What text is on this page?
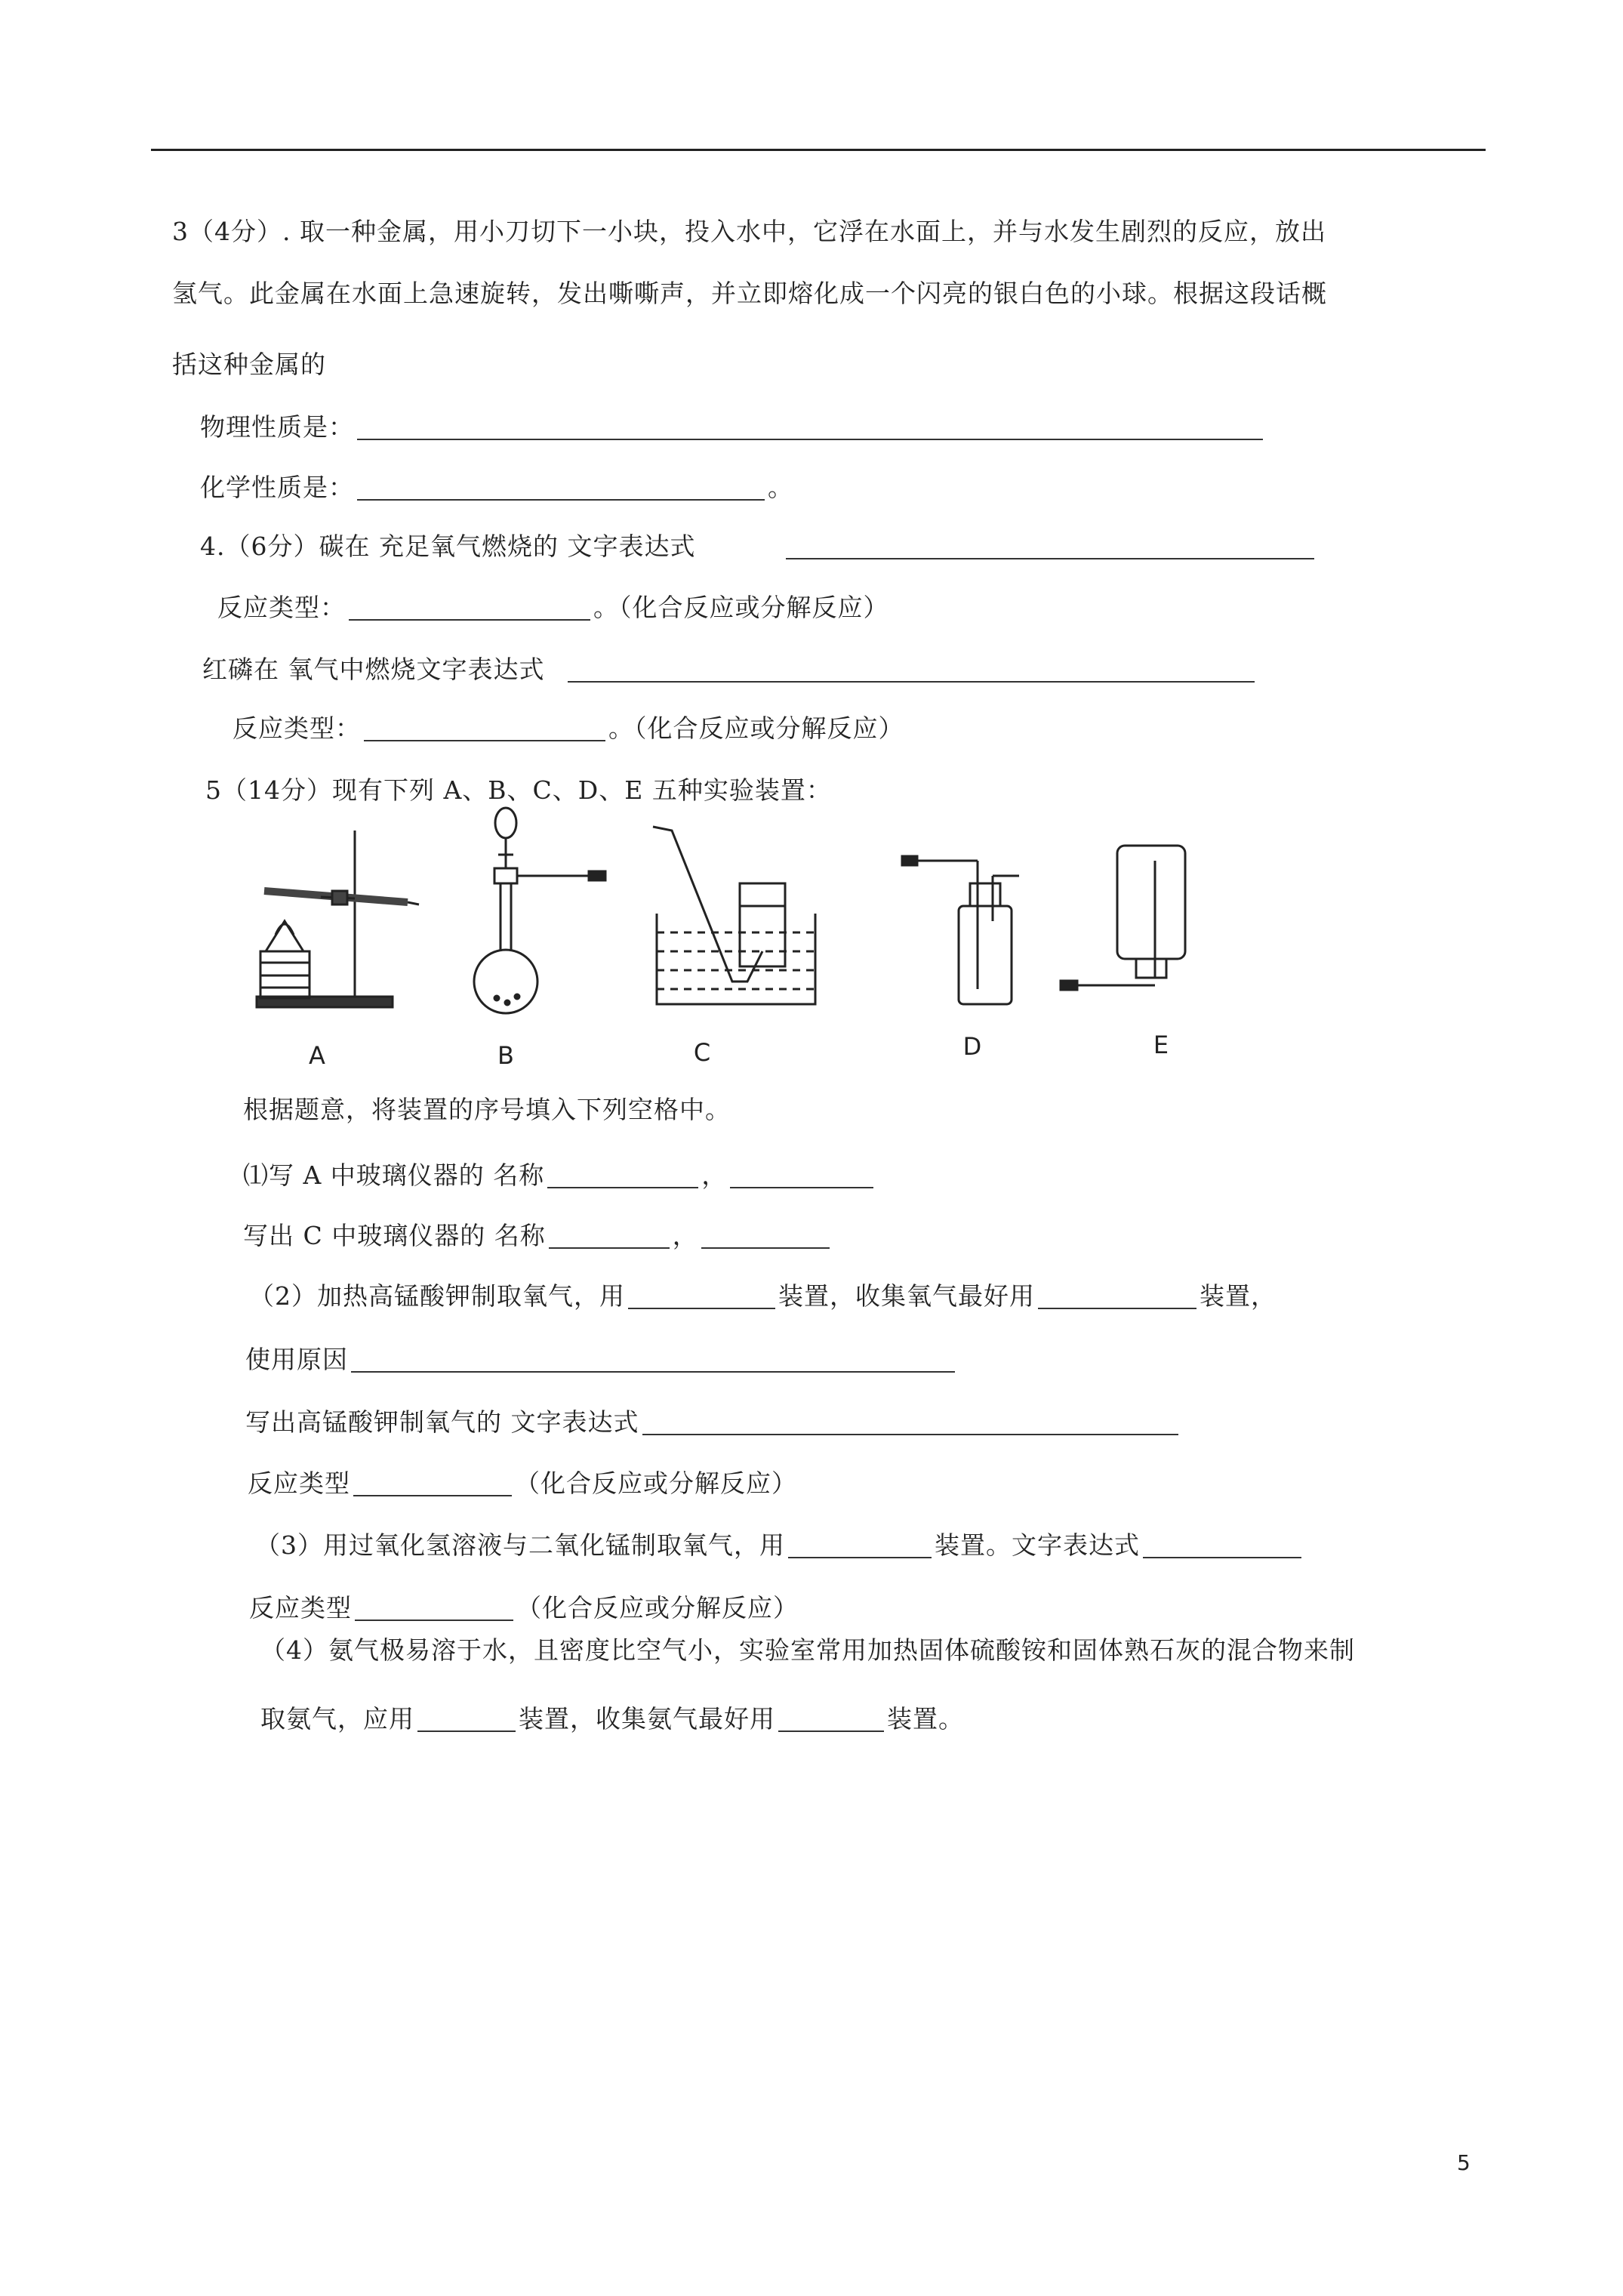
3（4分）. 取一种金属，用小刀切下一小块，投入水中，它浮在水面上，并与水发生剧烈的反应，放出
氢气。此金属在水面上急速旋转，发出嘶嘶声，并立即熔化成一个闪亮的银白色的小球。根据这段话概
括这种金属的
物理性质是：
化学性质是：	。
4.（6分）碳在 充足氧气燃烧的 文字表达式
反应类型：	。（化合反应或分解反应）
红磷在 氧气中燃烧文字表达式
反应类型：	。（化合反应或分解反应）
5（14分）现有下列 A、B、C、D、E 五种实验装置：
A	B	C	D	E
根据题意，将装置的序号填入下列空格中。
⑴写 A 中玻璃仪器的 名称	，
写出 C 中玻璃仪器的 名称	，
（2）加热高锰酸钾制取氧气，用	装置，收集氧气最好用	装置，
使用原因
写出高锰酸钾制氧气的 文字表达式
反应类型	（化合反应或分解反应）
（3）用过氧化氢溶液与二氧化锰制取氧气，用	装置。文字表达式
反应类型	（化合反应或分解反应）
（4）氨气极易溶于水，且密度比空气小，实验室常用加热固体硫酸铵和固体熟石灰的混合物来制
取氨气，应用	装置，收集氨气最好用	装置。
5
